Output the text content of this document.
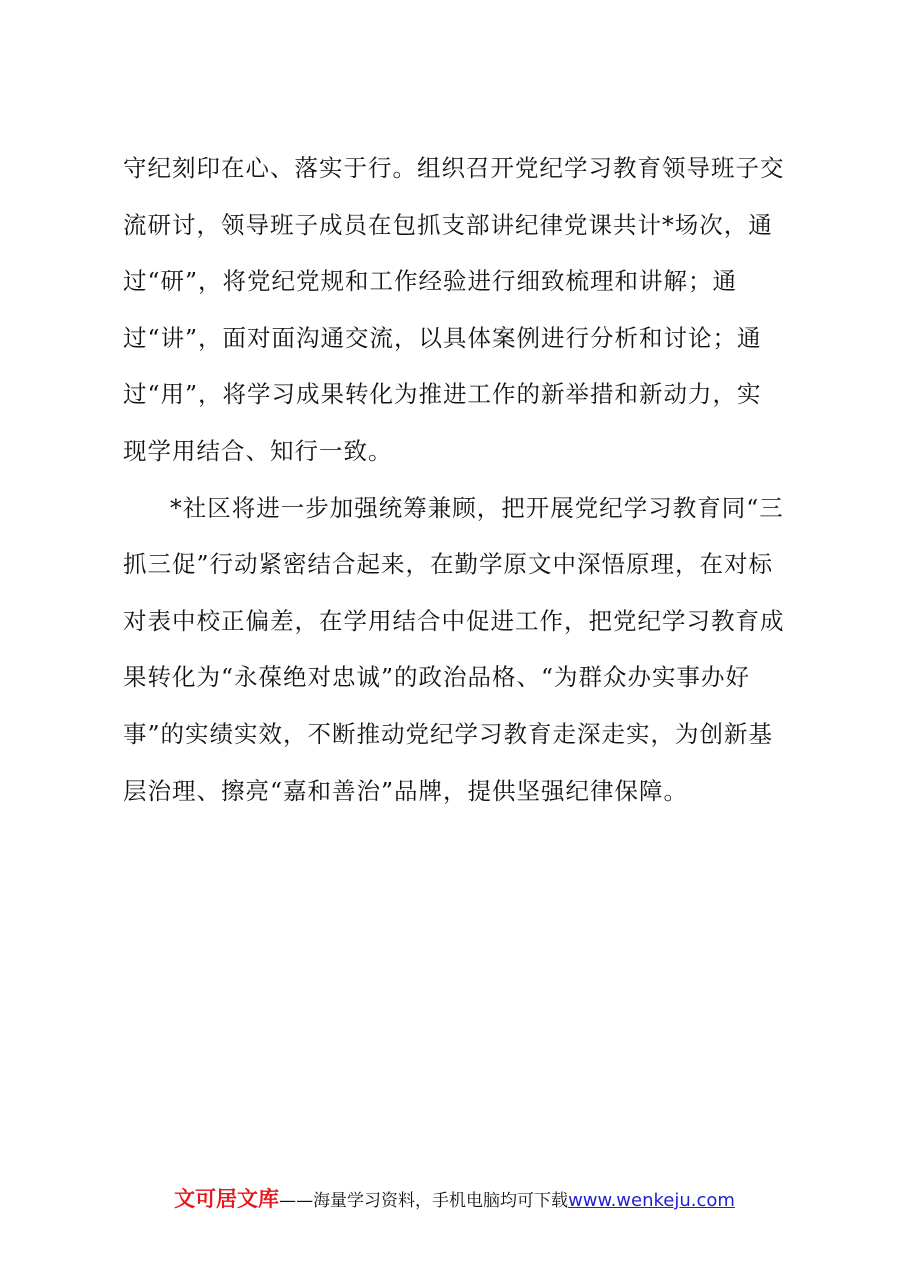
守纪刻印在心、落实于行。组织召开党纪学习教育领导班子交
流研讨，领导班子成员在包抓支部讲纪律党课共计*场次，通
过“研”，将党纪党规和工作经验进行细致梳理和讲解；通
过“讲”，面对面沟通交流，以具体案例进行分析和讨论；通
过“用”，将学习成果转化为推进工作的新举措和新动力，实
现学用结合、知行一致。
*社区将进一步加强统筹兼顾，把开展党纪学习教育同“三
抓三促”行动紧密结合起来，在勤学原文中深悟原理，在对标
对表中校正偏差，在学用结合中促进工作，把党纪学习教育成
果转化为“永葆绝对忠诚”的政治品格、“为群众办实事办好
事”的实绩实效，不断推动党纪学习教育走深走实，为创新基
层治理、擦亮“嘉和善治”品牌，提供坚强纪律保障。
文可居文库——海量学习资料，手机电脑均可下载www.wenkeju.com
